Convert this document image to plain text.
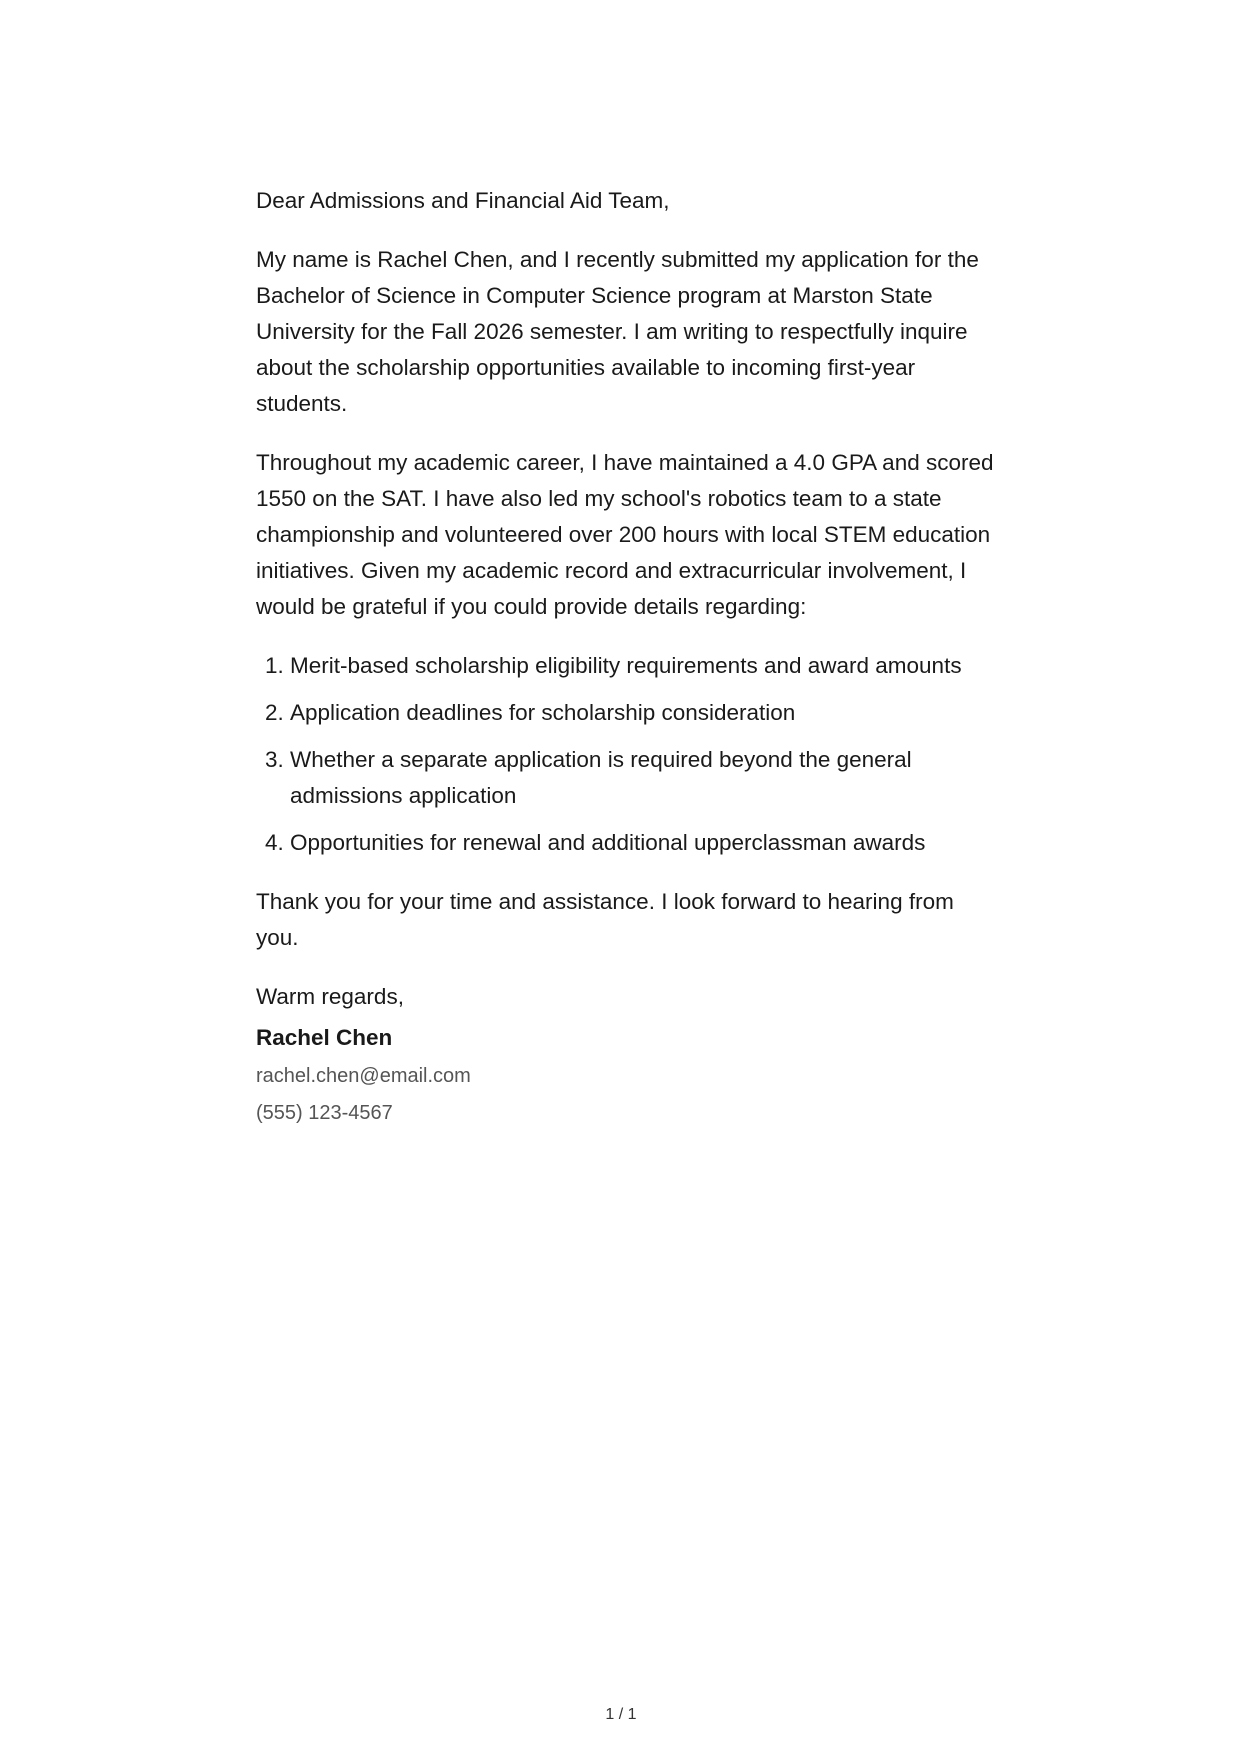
Dear Admissions and Financial Aid Team,

My name is Rachel Chen, and I recently submitted my application for the Bachelor of Science in Computer Science program at Marston State University for the Fall 2026 semester. I am writing to respectfully inquire about the scholarship opportunities available to incoming first-year students.

Throughout my academic career, I have maintained a 4.0 GPA and scored 1550 on the SAT. I have also led my school's robotics team to a state championship and volunteered over 200 hours with local STEM education initiatives. Given my academic record and extracurricular involvement, I would be grateful if you could provide details regarding:

1. Merit-based scholarship eligibility requirements and award amounts
2. Application deadlines for scholarship consideration
3. Whether a separate application is required beyond the general admissions application
4. Opportunities for renewal and additional upperclassman awards

Thank you for your time and assistance. I look forward to hearing from you.

Warm regards,

Rachel Chen

rachel.chen@email.com

(555) 123-4567

1 / 1
